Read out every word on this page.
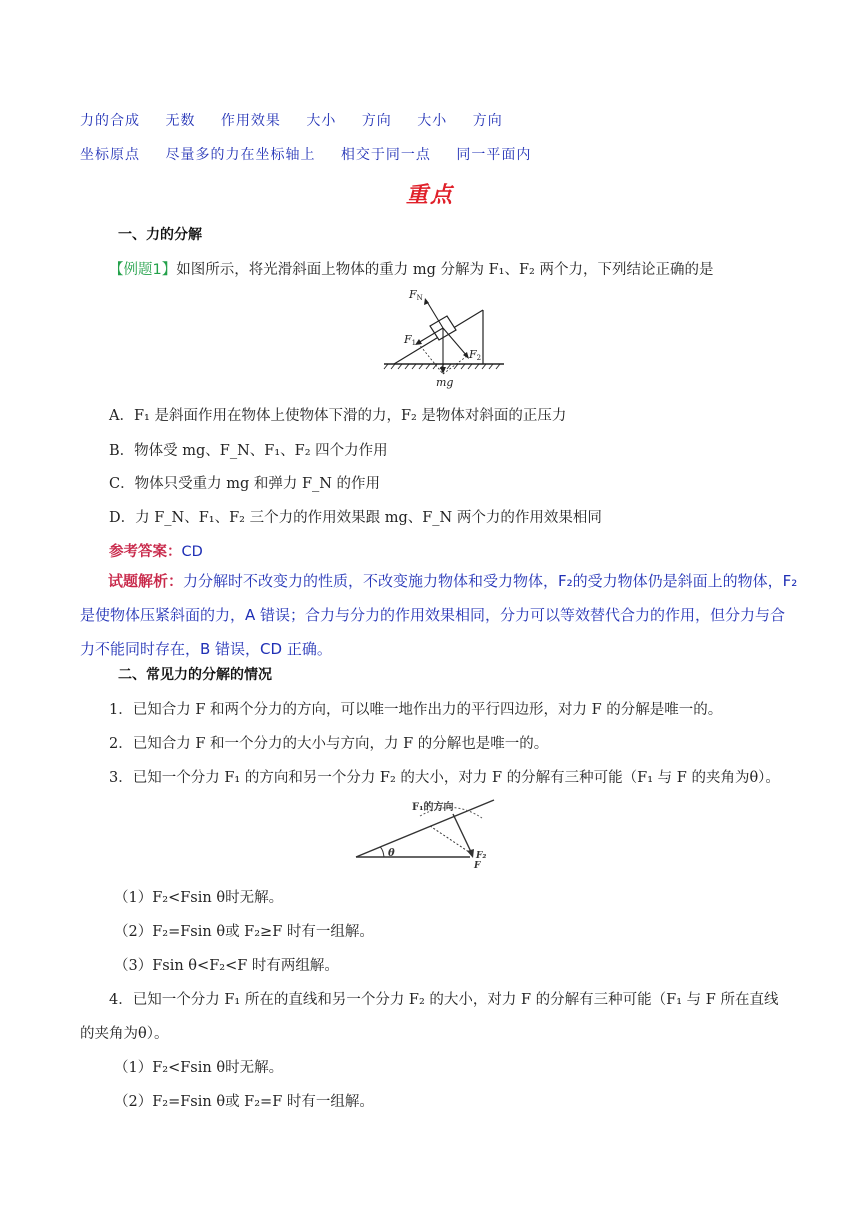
力的合成 无数 作用效果 大小 方向 大小 方向
坐标原点 尽量多的力在坐标轴上 相交于同一点 同一平面内
重点
一、力的分解
【例题1】如图所示，将光滑斜面上物体的重力 mg 分解为 F₁、F₂ 两个力，下列结论正确的是
FN
F1
F2
mg
A．F₁ 是斜面作用在物体上使物体下滑的力，F₂ 是物体对斜面的正压力
B．物体受 mg、F_N、F₁、F₂ 四个力作用
C．物体只受重力 mg 和弹力 F_N 的作用
D．力 F_N、F₁、F₂ 三个力的作用效果跟 mg、F_N 两个力的作用效果相同
参考答案：CD
试题解析：力分解时不改变力的性质，不改变施力物体和受力物体，F₂的受力物体仍是斜面上的物体，F₂是使物体压紧斜面的力，A 错误；合力与分力的作用效果相同，分力可以等效替代合力的作用，但分力与合力不能同时存在，B 错误，CD 正确。
二、常见力的分解的情况
1．已知合力 F 和两个分力的方向，可以唯一地作出力的平行四边形，对力 F 的分解是唯一的。
2．已知合力 F 和一个分力的大小与方向，力 F 的分解也是唯一的。
3．已知一个分力 F₁ 的方向和另一个分力 F₂ 的大小，对力 F 的分解有三种可能（F₁ 与 F 的夹角为θ）。
F₁的方向
θ	F₂
F
（1）F₂<Fsin θ时无解。
（2）F₂=Fsin θ或 F₂≥F 时有一组解。
（3）Fsin θ<F₂<F 时有两组解。
4．已知一个分力 F₁ 所在的直线和另一个分力 F₂ 的大小，对力 F 的分解有三种可能（F₁ 与 F 所在直线
的夹角为θ）。
（1）F₂<Fsin θ时无解。
（2）F₂=Fsin θ或 F₂=F 时有一组解。
